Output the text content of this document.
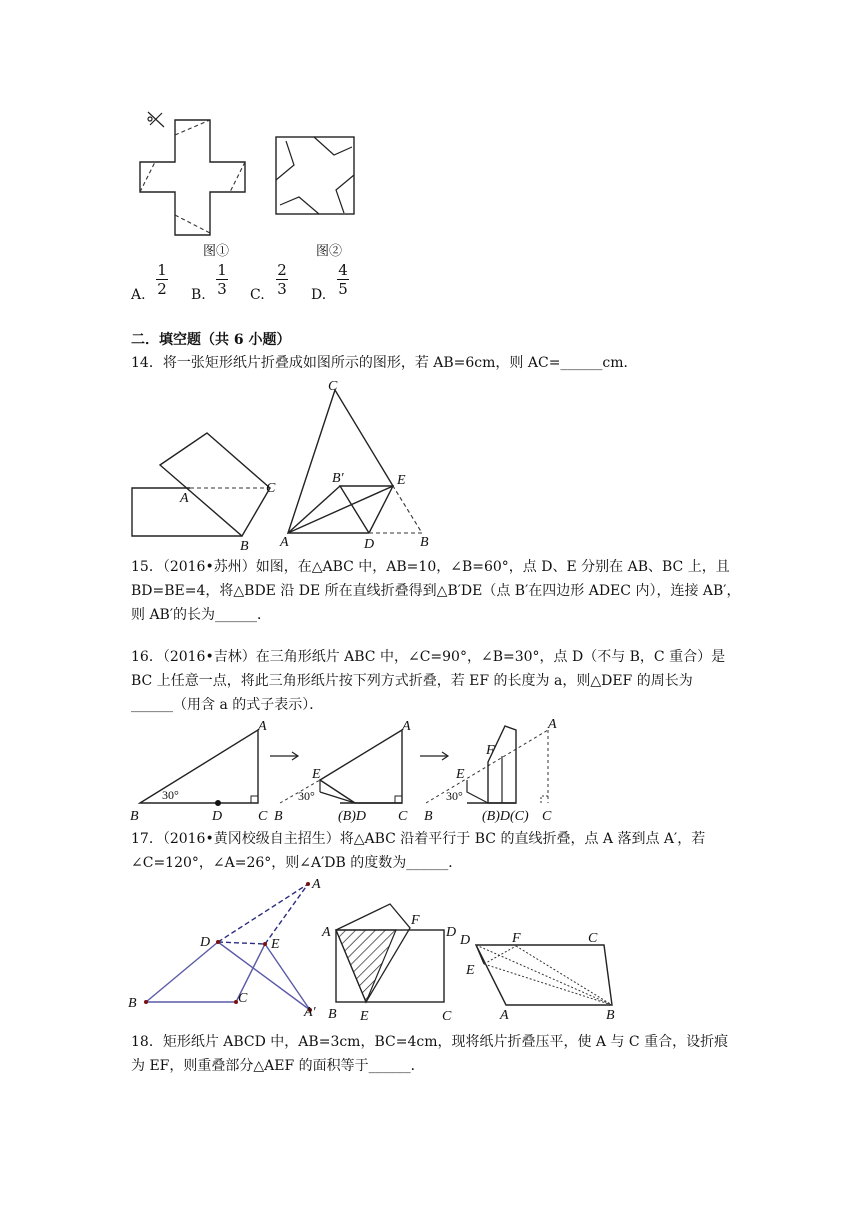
图①	图②
A.
1
2 B.
1
3 C.
2
3 D.
4
5
二．填空题（共 6 小题）
14．将一张矩形纸片折叠成如图所示的图形，若 AB=6cm，则 AC=______cm．
A
C
B
C
B′	E
A	D	B
15．（2016•苏州）如图，在△ABC 中，AB=10，∠B=60°，点 D、E 分别在 AB、BC 上，且
BD=BE=4，将△BDE 沿 DE 所在直线折叠得到△B′DE（点 B′在四边形 ADEC 内），连接 AB′，
则 AB′的长为______．
16．（2016•吉林）在三角形纸片 ABC 中，∠C=90°，∠B=30°，点 D（不与 B，C 重合）是
BC 上任意一点，将此三角形纸片按下列方式折叠，若 EF 的长度为 a，则△DEF 的周长为
______（用含 a 的式子表示）．
30°
A
B	D	C
30°
E
A
B	(B)D C
30°
E
F
A
B	(B)D(C) C
17．（2016•黄冈校级自主招生）将△ABC 沿着平行于 BC 的直线折叠，点 A 落到点 A′，若
∠C=120°，∠A=26°，则∠A′DB 的度数为______．
A
D	E
B	C
A′
A
F
D
B E	C
D	F	C
E
A	B
18．矩形纸片 ABCD 中，AB=3cm，BC=4cm，现将纸片折叠压平，使 A 与 C 重合，设折痕
为 EF，则重叠部分△AEF 的面积等于______．
